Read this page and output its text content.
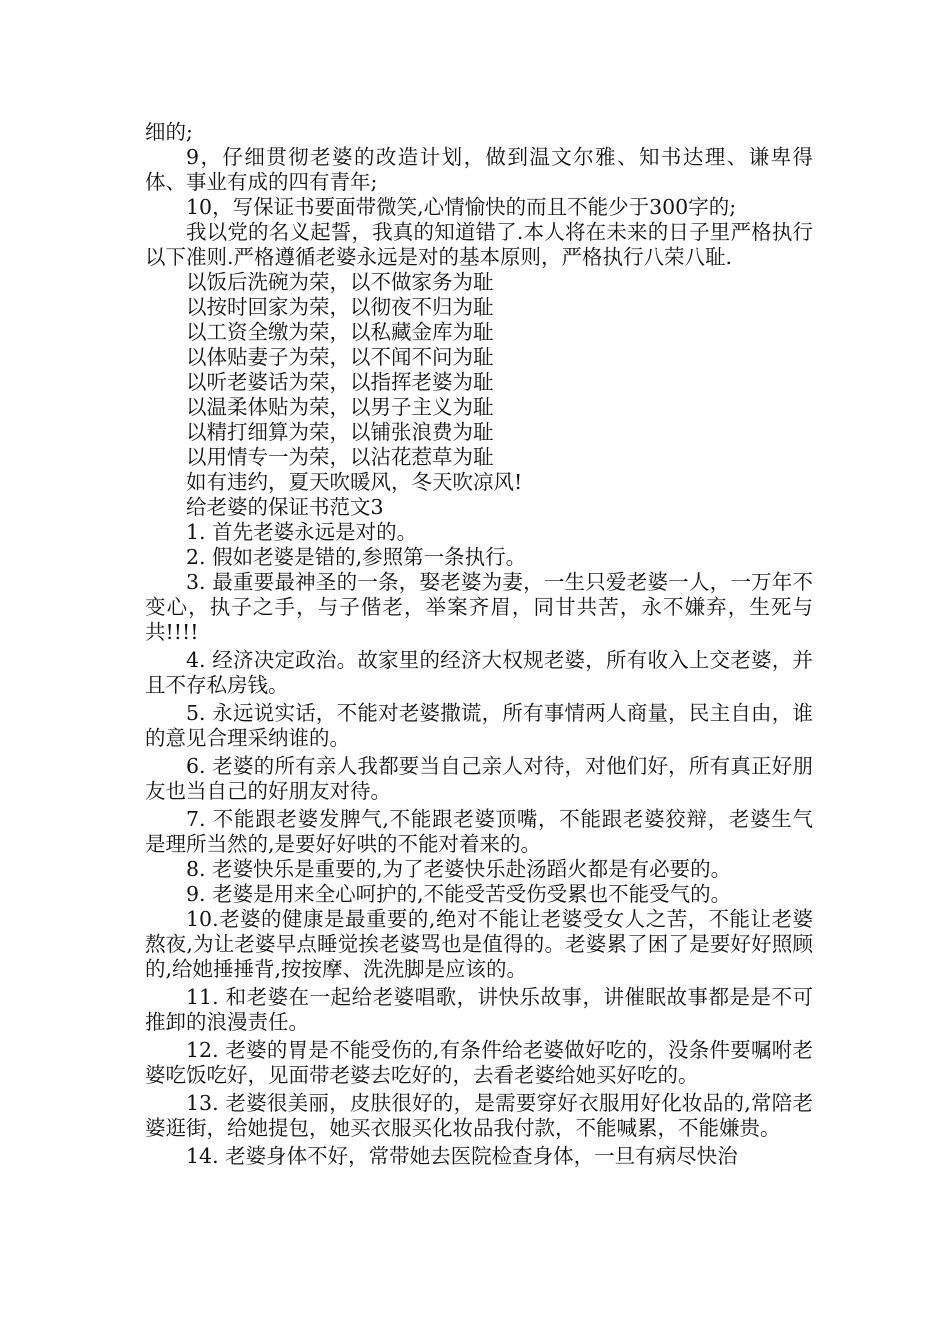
细的;

9，仔细贯彻老婆的改造计划，做到温文尔雅、知书达理、谦卑得体、事业有成的四有青年;

10，写保证书要面带微笑,心情愉快的而且不能少于300字的;

我以党的名义起誓，我真的知道错了.本人将在未来的日子里严格执行以下准则.严格遵循老婆永远是对的基本原则，严格执行八荣八耻.

以饭后洗碗为荣，以不做家务为耻

以按时回家为荣，以彻夜不归为耻

以工资全缴为荣，以私藏金库为耻

以体贴妻子为荣，以不闻不问为耻

以听老婆话为荣，以指挥老婆为耻

以温柔体贴为荣，以男子主义为耻

以精打细算为荣，以铺张浪费为耻

以用情专一为荣，以沾花惹草为耻

如有违约，夏天吹暖风，冬天吹凉风!

给老婆的保证书范文3

1. 首先老婆永远是对的。

2. 假如老婆是错的,参照第一条执行。

3. 最重要最神圣的一条，娶老婆为妻，一生只爱老婆一人，一万年不变心，执子之手，与子偕老，举案齐眉，同甘共苦，永不嫌弃，生死与共!!!!

4. 经济决定政治。故家里的经济大权规老婆，所有收入上交老婆，并且不存私房钱。

5. 永远说实话，不能对老婆撒谎，所有事情两人商量，民主自由，谁的意见合理采纳谁的。

6. 老婆的所有亲人我都要当自己亲人对待，对他们好，所有真正好朋友也当自己的好朋友对待。

7. 不能跟老婆发脾气,不能跟老婆顶嘴，不能跟老婆狡辩，老婆生气是理所当然的,是要好好哄的不能对着来的。

8. 老婆快乐是重要的,为了老婆快乐赴汤蹈火都是有必要的。

9. 老婆是用来全心呵护的,不能受苦受伤受累也不能受气的。

10.老婆的健康是最重要的,绝对不能让老婆受女人之苦，不能让老婆熬夜,为让老婆早点睡觉挨老婆骂也是值得的。老婆累了困了是要好好照顾的,给她捶捶背,按按摩、洗洗脚是应该的。

11. 和老婆在一起给老婆唱歌，讲快乐故事，讲催眠故事都是是不可推卸的浪漫责任。

12. 老婆的胃是不能受伤的,有条件给老婆做好吃的，没条件要嘱咐老婆吃饭吃好，见面带老婆去吃好的，去看老婆给她买好吃的。

13. 老婆很美丽，皮肤很好的，是需要穿好衣服用好化妆品的,常陪老婆逛街，给她提包，她买衣服买化妆品我付款，不能喊累，不能嫌贵。

14. 老婆身体不好，常带她去医院检查身体，一旦有病尽快治
